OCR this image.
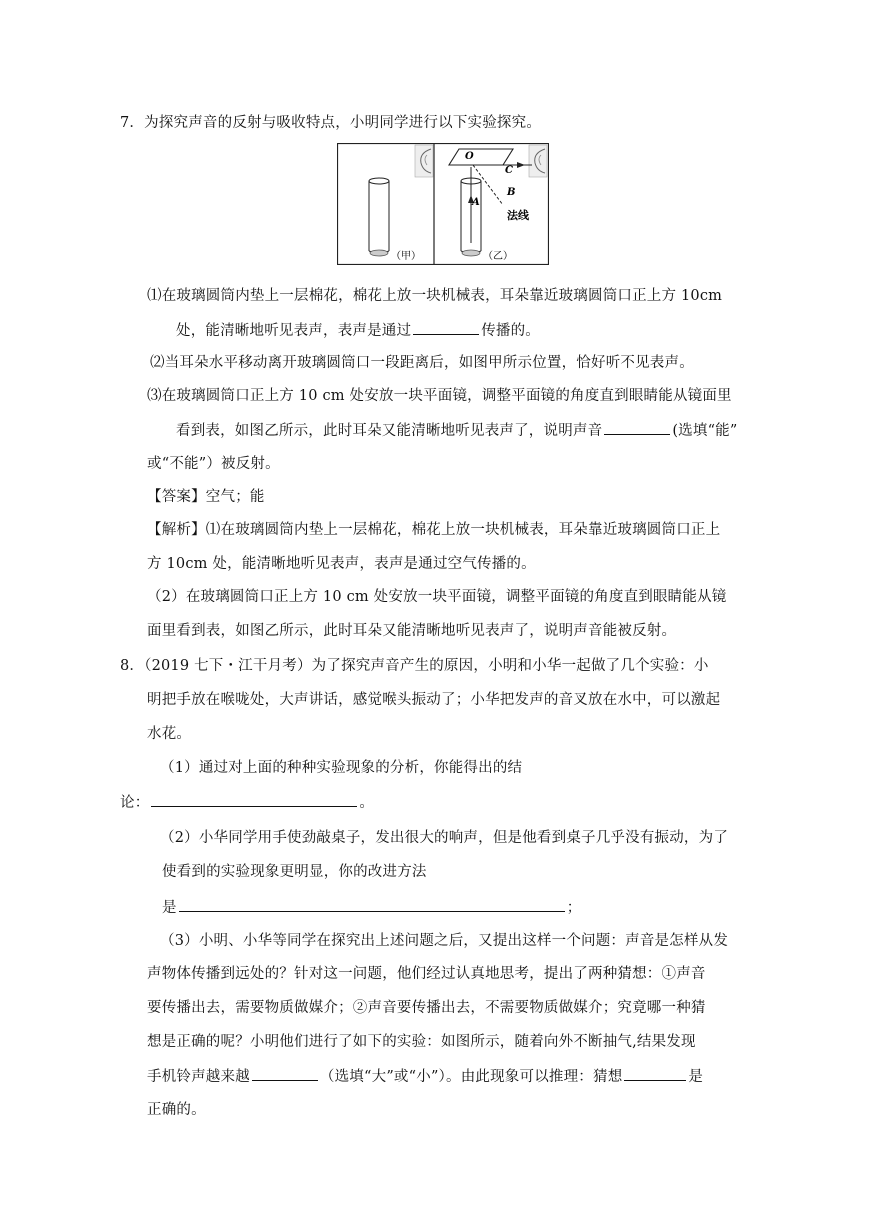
7．为探究声音的反射与吸收特点，小明同学进行以下实验探究。
（甲）
O
C
B
A
法线
（乙）
⑴在玻璃圆筒内垫上一层棉花，棉花上放一块机械表，耳朵靠近玻璃圆筒口正上方 10cm
处，能清晰地听见表声，表声是通过	传播的。
⑵当耳朵水平移动离开玻璃圆筒口一段距离后，如图甲所示位置，恰好听不见表声。
⑶在玻璃圆筒口正上方 10 cm 处安放一块平面镜，调整平面镜的角度直到眼睛能从镜面里
看到表，如图乙所示，此时耳朵又能清晰地听见表声了，说明声音	(选填“能”
或“不能”）被反射。
【答案】空气；能
【解析】⑴在玻璃圆筒内垫上一层棉花，棉花上放一块机械表，耳朵靠近玻璃圆筒口正上
方 10cm 处，能清晰地听见表声，表声是通过空气传播的。
（2）在玻璃圆筒口正上方 10 cm 处安放一块平面镜，调整平面镜的角度直到眼睛能从镜
面里看到表，如图乙所示，此时耳朵又能清晰地听见表声了，说明声音能被反射。
8．（2019 七下・江干月考）为了探究声音产生的原因，小明和小华一起做了几个实验：小
明把手放在喉咙处，大声讲话，感觉喉头振动了；小华把发声的音叉放在水中，可以激起
水花。
（1）通过对上面的种种实验现象的分析，你能得出的结
论：	。
（2）小华同学用手使劲敲桌子，发出很大的响声，但是他看到桌子几乎没有振动，为了
使看到的实验现象更明显，你的改进方法
是	；
（3）小明、小华等同学在探究出上述问题之后，又提出这样一个问题：声音是怎样从发
声物体传播到远处的？针对这一问题，他们经过认真地思考，提出了两种猜想：①声音
要传播出去，需要物质做媒介；②声音要传播出去，不需要物质做媒介；究竟哪一种猜
想是正确的呢？小明他们进行了如下的实验：如图所示，随着向外不断抽气,结果发现
手机铃声越来越	（选填“大”或“小”）。由此现象可以推理：猜想	是
正确的。
